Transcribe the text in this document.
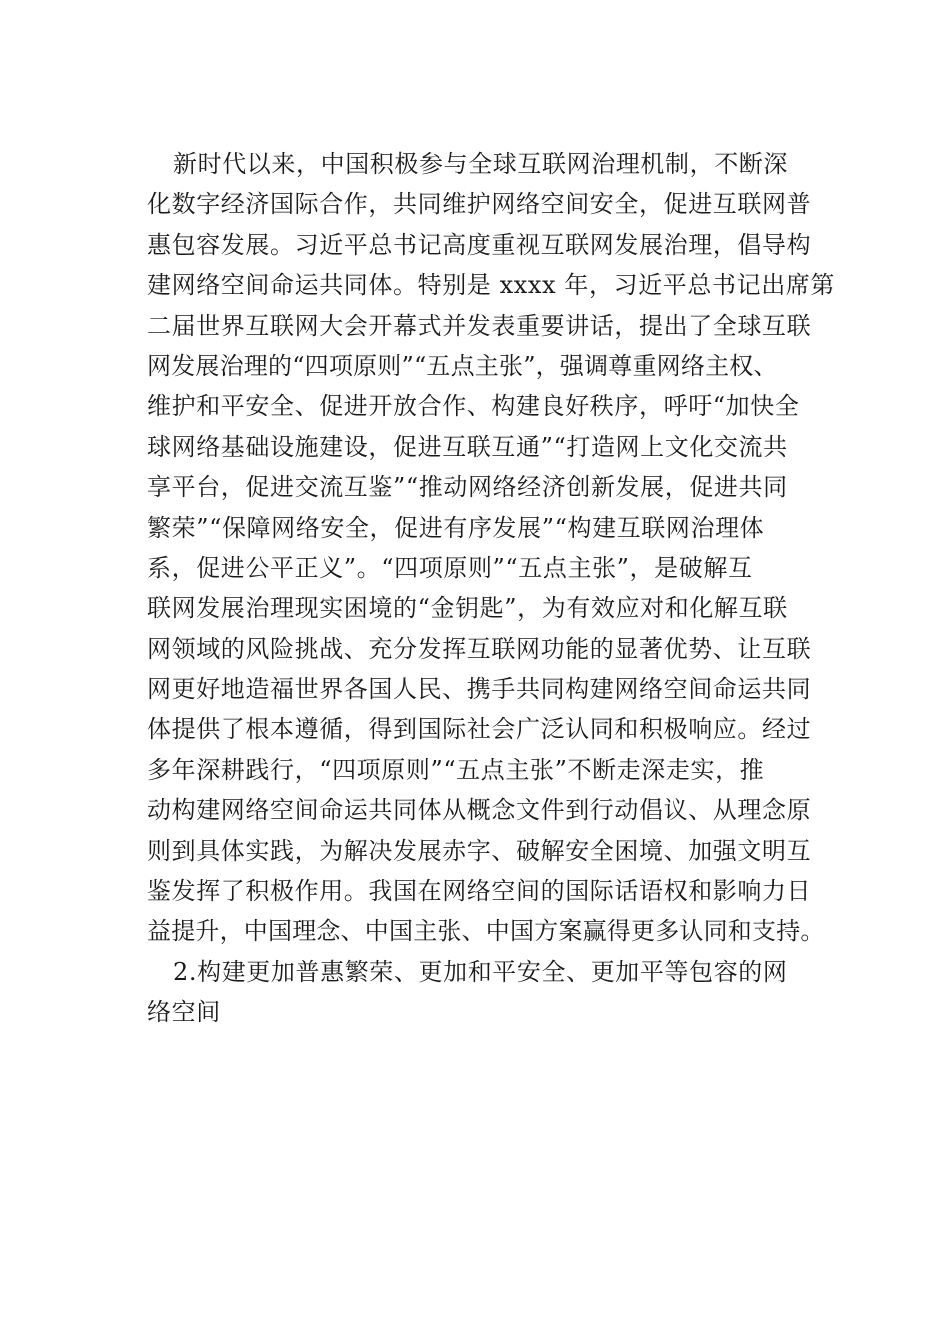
新时代以来，中国积极参与全球互联网治理机制，不断深
化数字经济国际合作，共同维护网络空间安全，促进互联网普
惠包容发展。习近平总书记高度重视互联网发展治理，倡导构
建网络空间命运共同体。特别是 xxxx 年，习近平总书记出席第
二届世界互联网大会开幕式并发表重要讲话，提出了全球互联
网发展治理的“四项原则”“五点主张”，强调尊重网络主权、
维护和平安全、促进开放合作、构建良好秩序，呼吁“加快全
球网络基础设施建设，促进互联互通”“打造网上文化交流共
享平台，促进交流互鉴”“推动网络经济创新发展，促进共同
繁荣”“保障网络安全，促进有序发展”“构建互联网治理体
系，促进公平正义”。“四项原则”“五点主张”，是破解互
联网发展治理现实困境的“金钥匙”，为有效应对和化解互联
网领域的风险挑战、充分发挥互联网功能的显著优势、让互联
网更好地造福世界各国人民、携手共同构建网络空间命运共同
体提供了根本遵循，得到国际社会广泛认同和积极响应。经过
多年深耕践行，“四项原则”“五点主张”不断走深走实，推
动构建网络空间命运共同体从概念文件到行动倡议、从理念原
则到具体实践，为解决发展赤字、破解安全困境、加强文明互
鉴发挥了积极作用。我国在网络空间的国际话语权和影响力日
益提升，中国理念、中国主张、中国方案赢得更多认同和支持。
2.构建更加普惠繁荣、更加和平安全、更加平等包容的网
络空间
